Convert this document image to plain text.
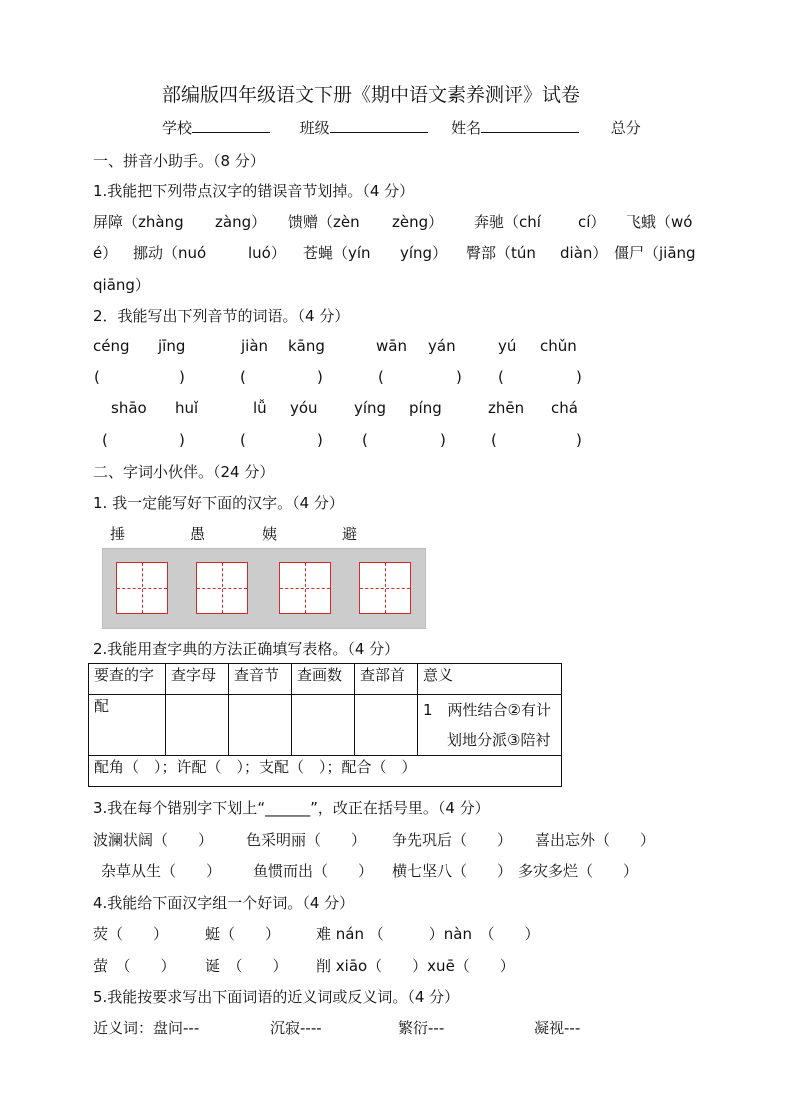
部编版四年级语文下册《期中语文素养测评》试卷
学校	班级	姓名	总分
一、拼音小助手。（8 分）
1.我能把下列带点汉字的错误音节划掉。（4 分）
屏障（zhàng zàng） 馈赠（zèn zèng） 奔驰（chí cí） 飞蛾（wó
é） 挪动（nuó	luó） 苍蝇（yín yíng） 臀部（tún diàn） 僵尸（jiāng
qiāng）
2．我能写出下列音节的词语。（4 分）
céng jīng	jiàn kāng	wān yán	yú chǔn
(	)	(	)	(	) (	)
shāo huǐ	lǚ yóu yíng píng	zhēn chá
(	)	(	)	(	)	(	)
二、字词小伙伴。（24 分）
1. 我一定能写好下面的汉字。（4 分）
捶	愚	姨	避
2.我能用查字典的方法正确填写表格。（4 分）
要查的字	查字母	查音节	查画数	查部首	意义
配					1　两性结合②有计
划地分派③陪衬

配角（　）；许配（　）；支配（　）；配合（　）					
3.我在每个错别字下划上“______”，改正在括号里。（4 分）
波澜状阔（　　） 色采明丽（　　） 争先巩后（　　） 喜出忘外（　　）
杂草从生（　　） 鱼惯而出（　　） 横七坚八（　　） 多灾多烂（　　）
4.我能给下面汉字组一个好词。（4 分）
荧（　　） 蜓（　　） 难 nán （　　　）nàn　（　　）
萤　（　　） 诞　（　　） 削 xiāo（　　）xuē（　　）
5.我能按要求写出下面词语的近义词或反义词。（4 分）
近义词：盘问---	沉寂----	繁衍---	凝视---
